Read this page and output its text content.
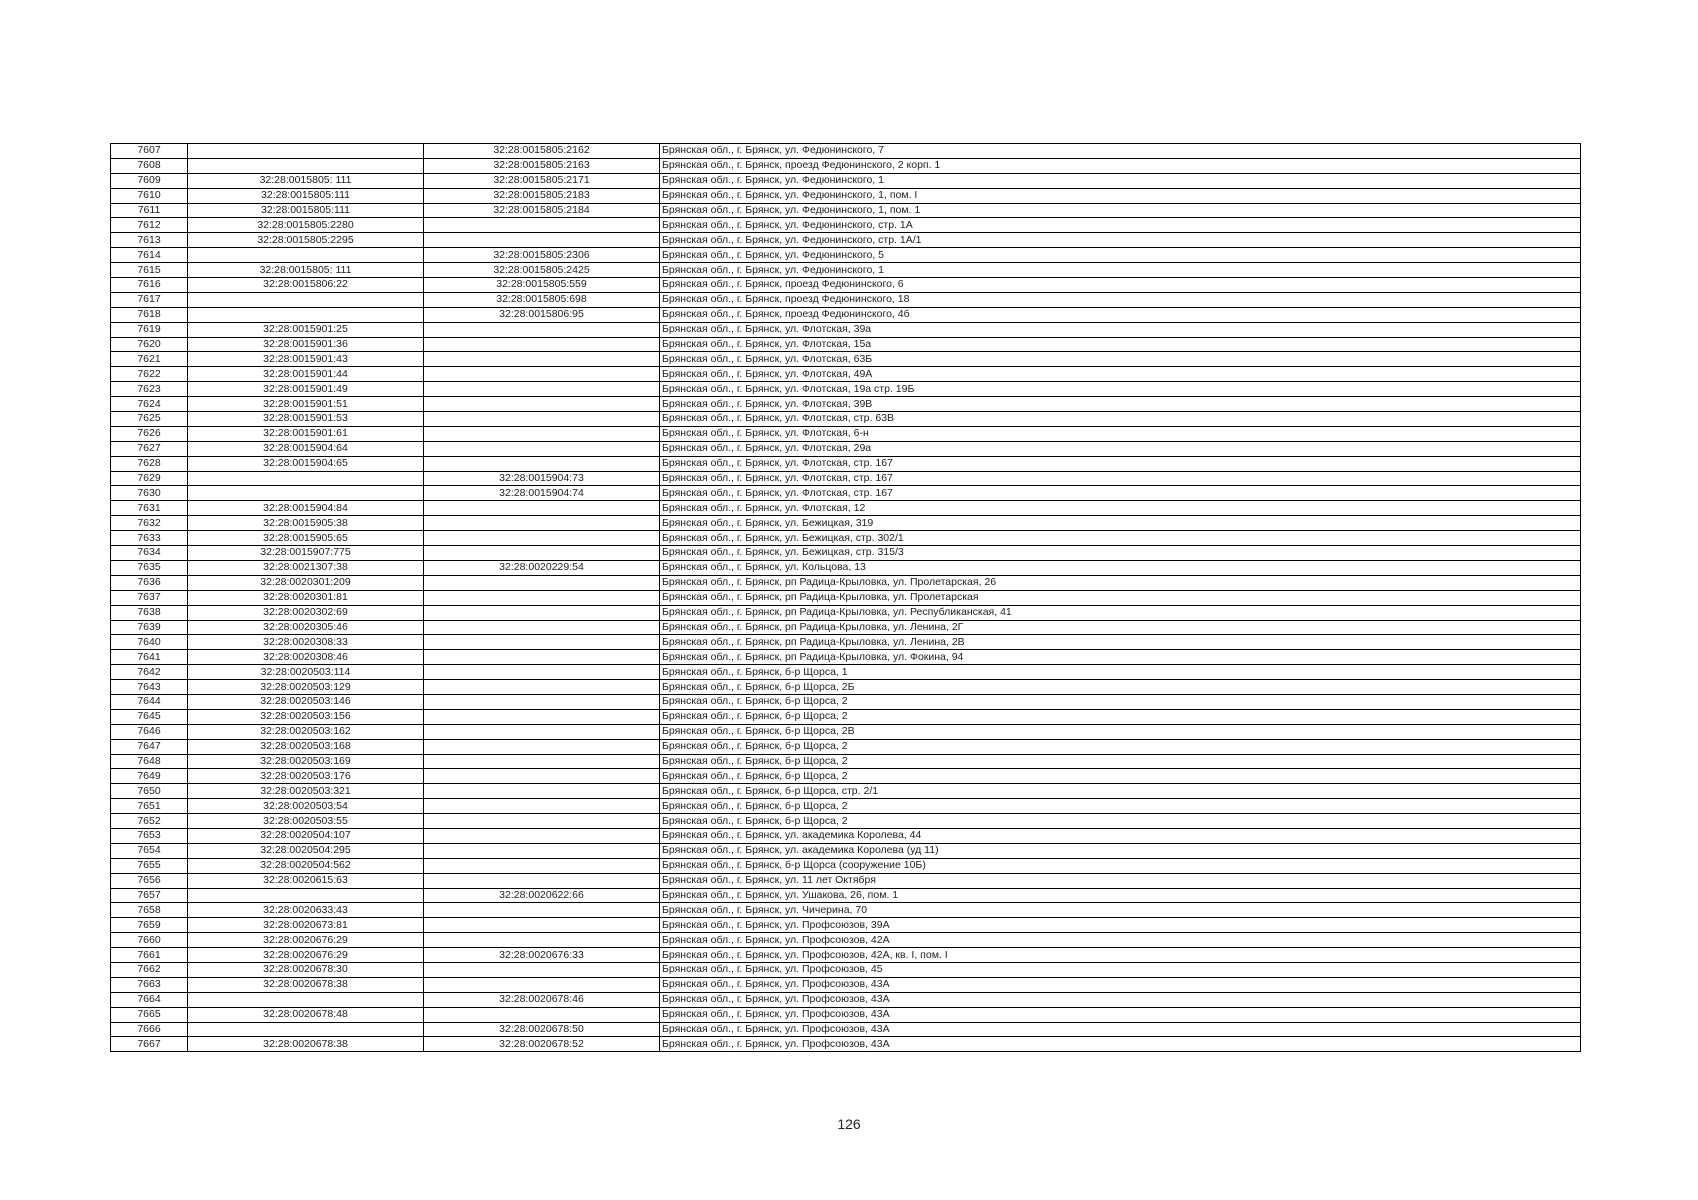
7607		32:28:0015805:2162	Брянская обл., г. Брянск, ул. Федюнинского, 7
7608		32:28:0015805:2163	Брянская обл., г. Брянск, проезд Федюнинского, 2 корп. 1
7609	32:28:0015805: 111	32:28:0015805:2171	Брянская обл., г. Брянск, ул. Федюнинского, 1
7610	32:28:0015805:111	32:28:0015805:2183	Брянская обл., г. Брянск, ул. Федюнинского, 1, пом. I
7611	32:28:0015805:111	32:28:0015805:2184	Брянская обл., г. Брянск, ул. Федюнинского, 1, пом. 1
7612	32:28:0015805:2280		Брянская обл., г. Брянск, ул. Федюнинского, стр. 1А
7613	32:28:0015805:2295		Брянская обл., г. Брянск, ул. Федюнинского, стр. 1А/1
7614		32:28:0015805:2306	Брянская обл., г. Брянск, ул. Федюнинского, 5
7615	32:28:0015805: 111	32:28:0015805:2425	Брянская обл., г. Брянск, ул. Федюнинского, 1
7616	32:28:0015806:22	32:28:0015805:559	Брянская обл., г. Брянск, проезд Федюнинского, 6
7617		32:28:0015805:698	Брянская обл., г. Брянск, проезд Федюнинского, 18
7618		32:28:0015806:95	Брянская обл., г. Брянск, проезд Федюнинского, 4б
7619	32:28:0015901:25		Брянская обл., г. Брянск, ул. Флотская, 39а
7620	32:28:0015901:36		Брянская обл., г. Брянск, ул. Флотская, 15а
7621	32:28:0015901:43		Брянская обл., г. Брянск, ул. Флотская, 63Б
7622	32:28:0015901:44		Брянская обл., г. Брянск, ул. Флотская, 49А
7623	32:28:0015901:49		Брянская обл., г. Брянск, ул. Флотская, 19а стр. 19Б
7624	32:28:0015901:51		Брянская обл., г. Брянск, ул. Флотская, 39В
7625	32:28:0015901:53		Брянская обл., г. Брянск, ул. Флотская, стр. 63В
7626	32:28:0015901:61		Брянская обл., г. Брянск, ул. Флотская, 6-н
7627	32:28:0015904:64		Брянская обл., г. Брянск, ул. Флотская, 29а
7628	32:28:0015904:65		Брянская обл., г. Брянск, ул. Флотская, стр. 167
7629		32:28:0015904:73	Брянская обл., г. Брянск, ул. Флотская, стр. 167
7630		32:28:0015904:74	Брянская обл., г. Брянск, ул. Флотская, стр. 167
7631	32:28:0015904:84		Брянская обл., г. Брянск, ул. Флотская, 12
7632	32:28:0015905:38		Брянская обл., г. Брянск, ул. Бежицкая, 319
7633	32:28:0015905:65		Брянская обл., г. Брянск, ул. Бежицкая, стр. 302/1
7634	32:28:0015907:775		Брянская обл., г. Брянск, ул. Бежицкая, стр. 315/3
7635	32:28:0021307:38	32:28:0020229:54	Брянская обл., г. Брянск, ул. Кольцова, 13
7636	32:28:0020301:209		Брянская обл., г. Брянск, рп Радица-Крыловка, ул. Пролетарская, 26
7637	32:28:0020301:81		Брянская обл., г. Брянск, рп Радица-Крыловка, ул. Пролетарская
7638	32:28:0020302:69		Брянская обл., г. Брянск, рп Радица-Крыловка, ул. Республиканская, 41
7639	32:28:0020305:46		Брянская обл., г. Брянск, рп Радица-Крыловка, ул. Ленина, 2Г
7640	32:28:0020308:33		Брянская обл., г. Брянск, рп Радица-Крыловка, ул. Ленина, 2В
7641	32:28:0020308:46		Брянская обл., г. Брянск, рп Радица-Крыловка, ул. Фокина, 94
7642	32:28:0020503:114		Брянская обл., г. Брянск, б-р Щорса, 1
7643	32:28:0020503:129		Брянская обл., г. Брянск, б-р Щорса, 2Б
7644	32:28:0020503:146		Брянская обл., г. Брянск, б-р Щорса, 2
7645	32:28:0020503:156		Брянская обл., г. Брянск, б-р Щорса, 2
7646	32:28:0020503:162		Брянская обл., г. Брянск, б-р Щорса, 2В
7647	32:28:0020503:168		Брянская обл., г. Брянск, б-р Щорса, 2
7648	32:28:0020503:169		Брянская обл., г. Брянск, б-р Щорса, 2
7649	32:28:0020503:176		Брянская обл., г. Брянск, б-р Щорса, 2
7650	32:28:0020503:321		Брянская обл., г. Брянск, б-р Щорса, стр. 2/1
7651	32:28:0020503:54		Брянская обл., г. Брянск, б-р Щорса, 2
7652	32:28:0020503:55		Брянская обл., г. Брянск, б-р Щорса, 2
7653	32:28:0020504:107		Брянская обл., г. Брянск, ул. академика Королева, 44
7654	32:28:0020504:295		Брянская обл., г. Брянск, ул. академика Королева (уд 11)
7655	32:28:0020504:562		Брянская обл., г. Брянск, б-р Щорса (сооружение 10Б)
7656	32:28:0020615:63		Брянская обл., г. Брянск, ул. 11 лет Октября
7657		32:28:0020622:66	Брянская обл., г. Брянск, ул. Ушакова, 26, пом. 1
7658	32:28:0020633:43		Брянская обл., г. Брянск, ул. Чичерина, 70
7659	32:28:0020673:81		Брянская обл., г. Брянск, ул. Профсоюзов, 39А
7660	32:28:0020676:29		Брянская обл., г. Брянск, ул. Профсоюзов, 42А
7661	32:28:0020676:29	32:28:0020676:33	Брянская обл., г. Брянск, ул. Профсоюзов, 42А, кв. I, пом. I
7662	32:28:0020678:30		Брянская обл., г. Брянск, ул. Профсоюзов, 45
7663	32:28:0020678:38		Брянская обл., г. Брянск, ул. Профсоюзов, 43А
7664		32:28:0020678:46	Брянская обл., г. Брянск, ул. Профсоюзов, 43А
7665	32:28:0020678:48		Брянская обл., г. Брянск, ул. Профсоюзов, 43А
7666		32:28:0020678:50	Брянская обл., г. Брянск, ул. Профсоюзов, 43А
7667	32:28:0020678:38	32:28:0020678:52	Брянская обл., г. Брянск, ул. Профсоюзов, 43А
126
